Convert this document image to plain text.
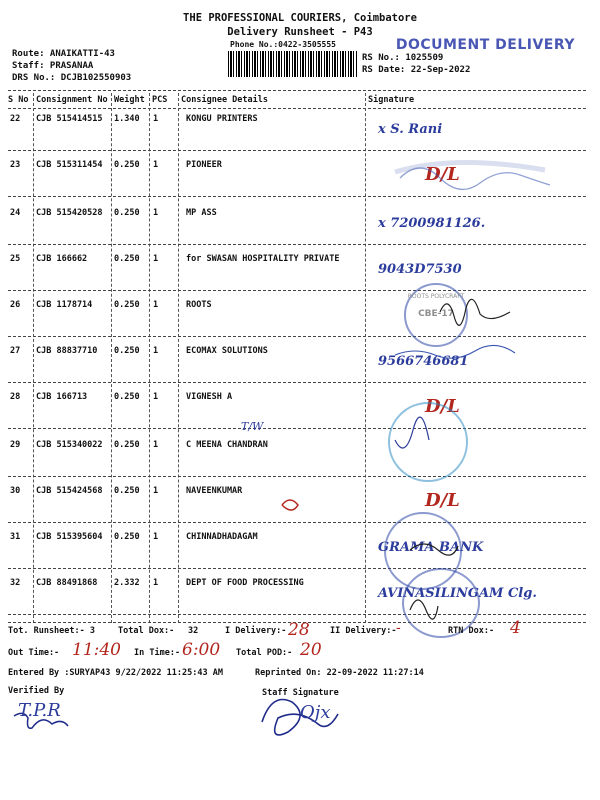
THE PROFESSIONAL COURIERS, Coimbatore
Delivery Runsheet - P43
Phone No.:0422-3505555	DOCUMENT DELIVERY
Route: ANAIKATTI-43
Staff: PRASANAA
DRS No.: DCJB102550903
RS No.: 1025509
RS Date: 22-Sep-2022
S No Consignment No Weight PCS Consignee Details	Signature
22 CJB 515414515 1.340 1	KONGU PRINTERS
x S. Rani
23 CJB 515311454 0.250 1	PIONEER	D/L
24 CJB 515420528 0.250 1	MP ASS
x 7200981126.
25 CJB 166662	0.250 1	for SWASAN HOSPITALITY PRIVATE
9043D7530
26 CJB 1178714	0.250 1	ROOTS
27 CJB 88837710 0.250 1	ECOMAX SOLUTIONS
9566746681
28 CJB 166713	0.250 1	VIGNESH A	D/L
29 CJB 515340022 0.250 1	C MEENA CHANDRAN
30 CJB 515424568 0.250 1	NAVEENKUMAR	D/L
31 CJB 515395604 0.250 1	CHINNADHADAGAM
GRAMA BANK
32 CJB 88491868 2.332 1	DEPT OF FOOD PROCESSING
AVINASILINGAM Clg.
ROOTS POLYCRAFT
CBE-17
T/W
Tot. Runsheet:- 3	Total Dox:- 32	I Delivery:- 28 II Delivery:- -	RTN Dox:- 4
Out Time:- 11:40 In Time:- 6:00 Total POD:- 20
Entered By :SURYAP43 9/22/2022 11:25:43 AM	Reprinted On: 22-09-2022 11:27:14
Verified By	Staff Signature
T.P.R	Ojx
